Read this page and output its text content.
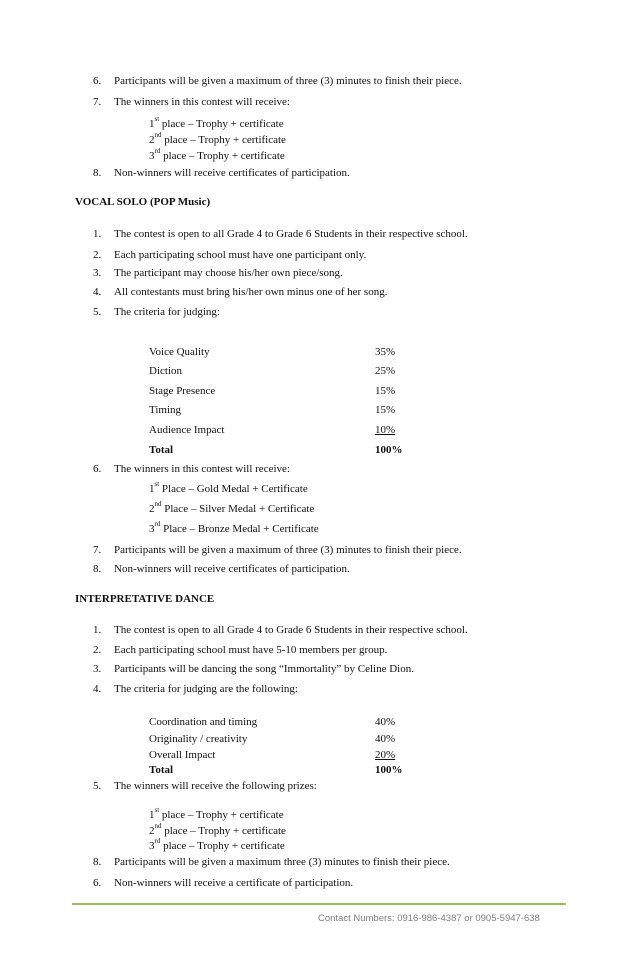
6. Participants will be given a maximum of three (3) minutes to finish their piece.
7. The winners in this contest will receive:
1st place – Trophy + certificate
2nd place – Trophy + certificate
3rd place – Trophy + certificate
8. Non-winners will receive certificates of participation.
VOCAL SOLO (POP Music)
1. The contest is open to all Grade 4 to Grade 6 Students in their respective school.
2. Each participating school must have one participant only.
3. The participant may choose his/her own piece/song.
4. All contestants must bring his/her own minus one of her song.
5. The criteria for judging:
Voice Quality	35%
Diction	25%
Stage Presence	15%
Timing	15%
Audience Impact	10%
Total	100%
6. The winners in this contest will receive:
1st Place – Gold Medal + Certificate
2nd Place – Silver Medal + Certificate
3rd Place – Bronze Medal + Certificate
7. Participants will be given a maximum of three (3) minutes to finish their piece.
8. Non-winners will receive certificates of participation.
INTERPRETATIVE DANCE
1. The contest is open to all Grade 4 to Grade 6 Students in their respective school.
2. Each participating school must have 5-10 members per group.
3. Participants will be dancing the song “Immortality” by Celine Dion.
4. The criteria for judging are the following:
Coordination and timing	40%
Originality / creativity	40%
Overall Impact	20%
Total	100%
5. The winners will receive the following prizes:
1st place – Trophy + certificate
2nd place – Trophy + certificate
3rd place – Trophy + certificate
8. Participants will be given a maximum three (3) minutes to finish their piece.
6. Non-winners will receive a certificate of participation.
Contact Numbers: 0916-986-4387 or 0905-5947-638
